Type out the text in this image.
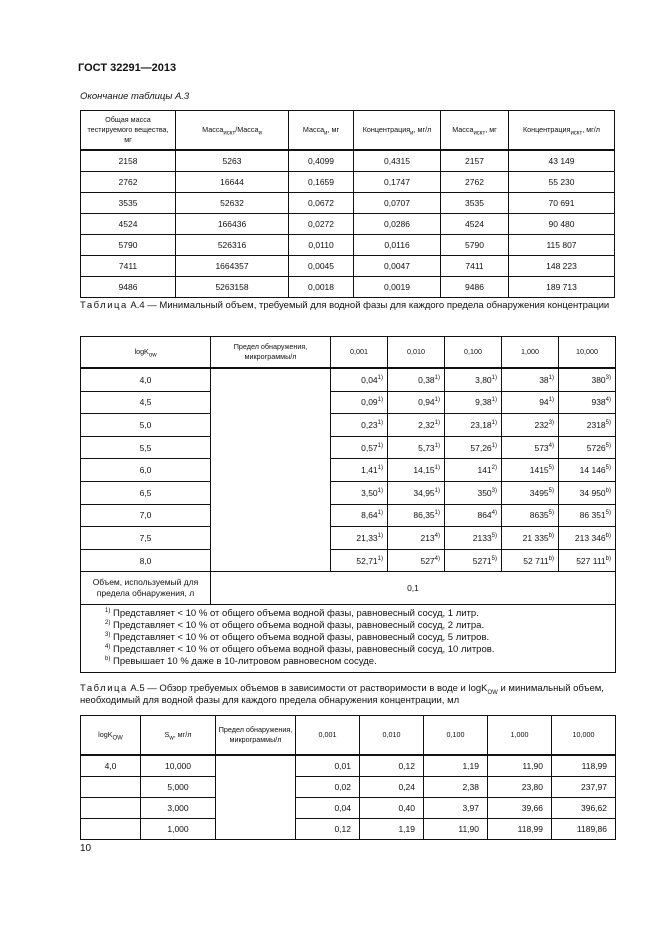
ГОСТ 32291—2013
Окончание таблицы А.3
Общая масса тестируемого вещества, мг	Масса$_{искт}$/Масса$_и$	Масса$_и$, мг	Концентрация$_и$, мг/л	Масса$_{искт}$, мг	Концентрация$_{искт}$, мг/л
2158	5263	0,4099	0,4315	2157	43 149
2762	16644	0,1659	0,1747	2762	55 230
3535	52632	0,0672	0,0707	3535	70 691
4524	166436	0,0272	0,0286	4524	90 480
5790	526316	0,0110	0,0116	5790	115 807
7411	1664357	0,0045	0,0047	7411	148 223
9486	5263158	0,0018	0,0019	9486	189 713
Таблица А.4 — Минимальный объем, требуемый для водной фазы для каждого предела обнаружения концентрации
logK$_{ow}$	Предел обнаружения, микрограммы/л	0,001	0,010	0,100	1,000	10,000
4,0		0,04$^{1)}$	0,38$^{1)}$	3,80$^{1)}$	38$^{1)}$	380$^{3)}$
4,5		0,09$^{1)}$	0,94$^{1)}$	9,38$^{1)}$	94$^{1)}$	938$^{4)}$
5,0		0,23$^{1)}$	2,32$^{1)}$	23,18$^{1)}$	232$^{3)}$	2318$^{5)}$
5,5		0,57$^{1)}$	5,73$^{1)}$	57,26$^{1)}$	573$^{4)}$	5726$^{5)}$
6,0		1,41$^{1)}$	14,15$^{1)}$	141$^{2)}$	1415$^{5)}$	14 146$^{5)}$
6,5		3,50$^{1)}$	34,95$^{1)}$	350$^{3)}$	3495$^{5)}$	34 950$^{b)}$
7,0		8,64$^{1)}$	86,35$^{1)}$	864$^{4)}$	8635$^{5)}$	86 351$^{5)}$
7,5		21,33$^{1)}$	213$^{4)}$	2133$^{5)}$	21 335$^{b)}$	213 346$^{b)}$
8,0		52,71$^{1)}$	527$^{4)}$	5271$^{5)}$	52 711$^{b)}$	527 111$^{b)}$
Объем, используемый для предела обнаружения, л	0,1					

$^{1)}$ Представляет < 10 % от общего объема водной фазы, равновесный сосуд, 1 литр.
$^{2)}$ Представляет < 10 % от общего объема водной фазы, равновесный сосуд, 2 литра.
$^{3)}$ Представляет < 10 % от общего объема водной фазы, равновесный сосуд, 5 литров.
$^{4)}$ Представляет < 10 % от общего объема водной фазы, равновесный сосуд, 10 литров.
$^{b)}$ Превышает 10 % даже в 10-литровом равновесном сосуде.						
Таблица А.5 — Обзор требуемых объемов в зависимости от растворимости в воде и logK$_{OW}$ и минимальный объем, необходимый для водной фазы для каждого предела обнаружения концентрации, мл
logK$_{OW}$	$S_w$, мг/л	Предел обнаружения, микрограммы/л	0,001	0,010	0,100	1,000	10,000
4,0	10,000		0,01	0,12	1,19	11,90	118,99
	5,000		0,02	0,24	2,38	23,80	237,97
	3,000		0,04	0,40	3,97	39,66	396,62
	1,000		0,12	1,19	11,90	118,99	1189,86
10
